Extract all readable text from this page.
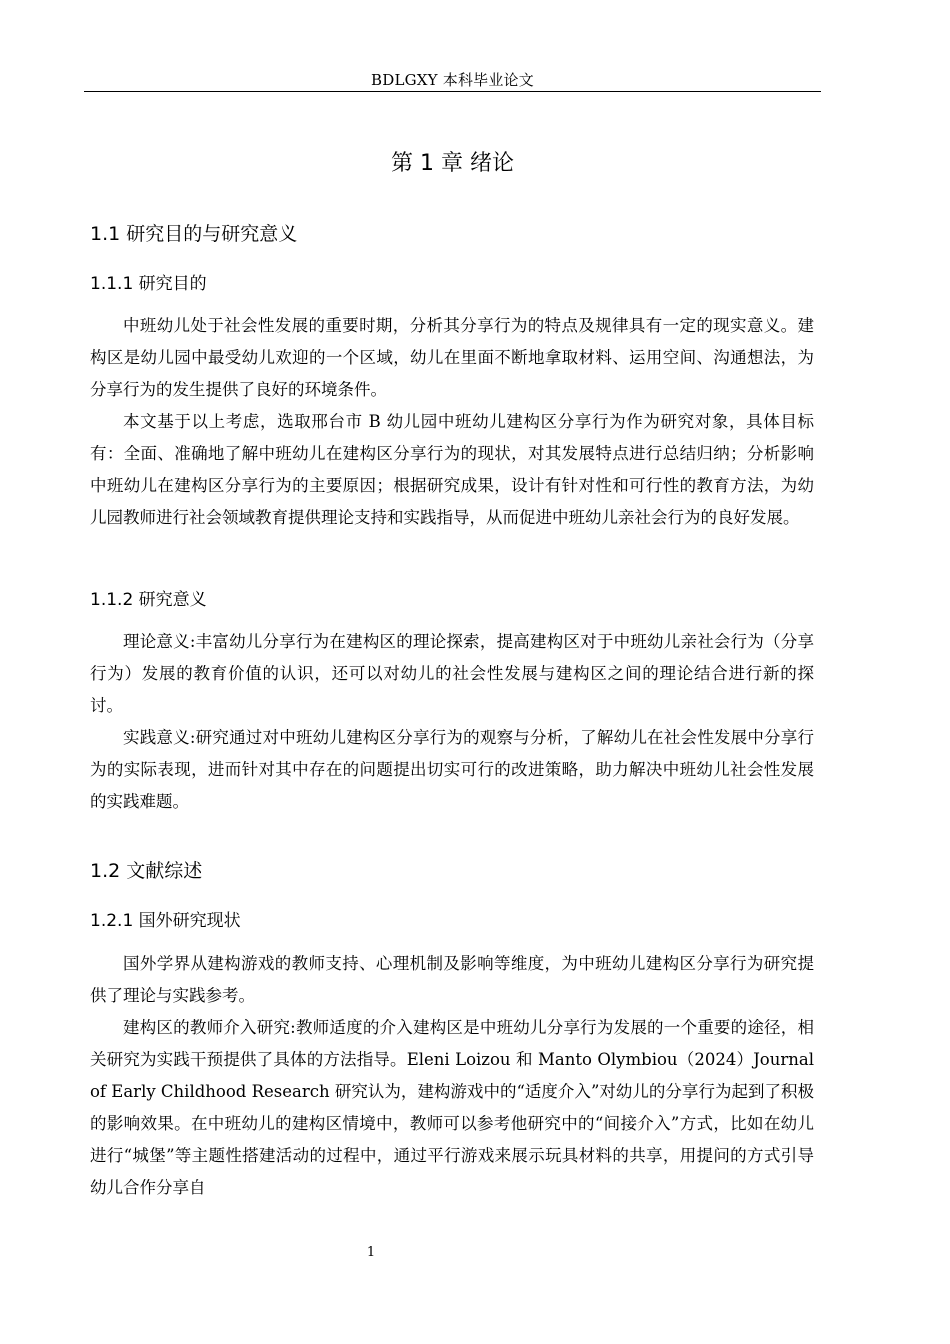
BDLGXY 本科毕业论文
第 1 章 绪论
1.1 研究目的与研究意义
1.1.1 研究目的

中班幼儿处于社会性发展的重要时期，分析其分享行为的特点及规律具有一定的现实意义。建构区是幼儿园中最受幼儿欢迎的一个区域，幼儿在里面不断地拿取材料、运用空间、沟通想法，为分享行为的发生提供了良好的环境条件。

本文基于以上考虑，选取邢台市 B 幼儿园中班幼儿建构区分享行为作为研究对象，具体目标有：全面、准确地了解中班幼儿在建构区分享行为的现状，对其发展特点进行总结归纳；分析影响中班幼儿在建构区分享行为的主要原因；根据研究成果，设计有针对性和可行性的教育方法，为幼儿园教师进行社会领域教育提供理论支持和实践指导，从而促进中班幼儿亲社会行为的良好发展。

1.1.2 研究意义

理论意义:丰富幼儿分享行为在建构区的理论探索，提高建构区对于中班幼儿亲社会行为（分享行为）发展的教育价值的认识，还可以对幼儿的社会性发展与建构区之间的理论结合进行新的探讨。

实践意义:研究通过对中班幼儿建构区分享行为的观察与分析，了解幼儿在社会性发展中分享行为的实际表现，进而针对其中存在的问题提出切实可行的改进策略，助力解决中班幼儿社会性发展的实践难题。

1.2 文献综述
1.2.1 国外研究现状

国外学界从建构游戏的教师支持、心理机制及影响等维度，为中班幼儿建构区分享行为研究提供了理论与实践参考。

建构区的教师介入研究:教师适度的介入建构区是中班幼儿分享行为发展的一个重要的途径，相关研究为实践干预提供了具体的方法指导。Eleni Loizou 和 Manto Olymbiou（2024）Journal of Early Childhood Research 研究认为，建构游戏中的“适度介入”对幼儿的分享行为起到了积极的影响效果。在中班幼儿的建构区情境中，教师可以参考他研究中的“间接介入”方式，比如在幼儿进行“城堡”等主题性搭建活动的过程中，通过平行游戏来展示玩具材料的共享，用提问的方式引导幼儿合作分享自

1
